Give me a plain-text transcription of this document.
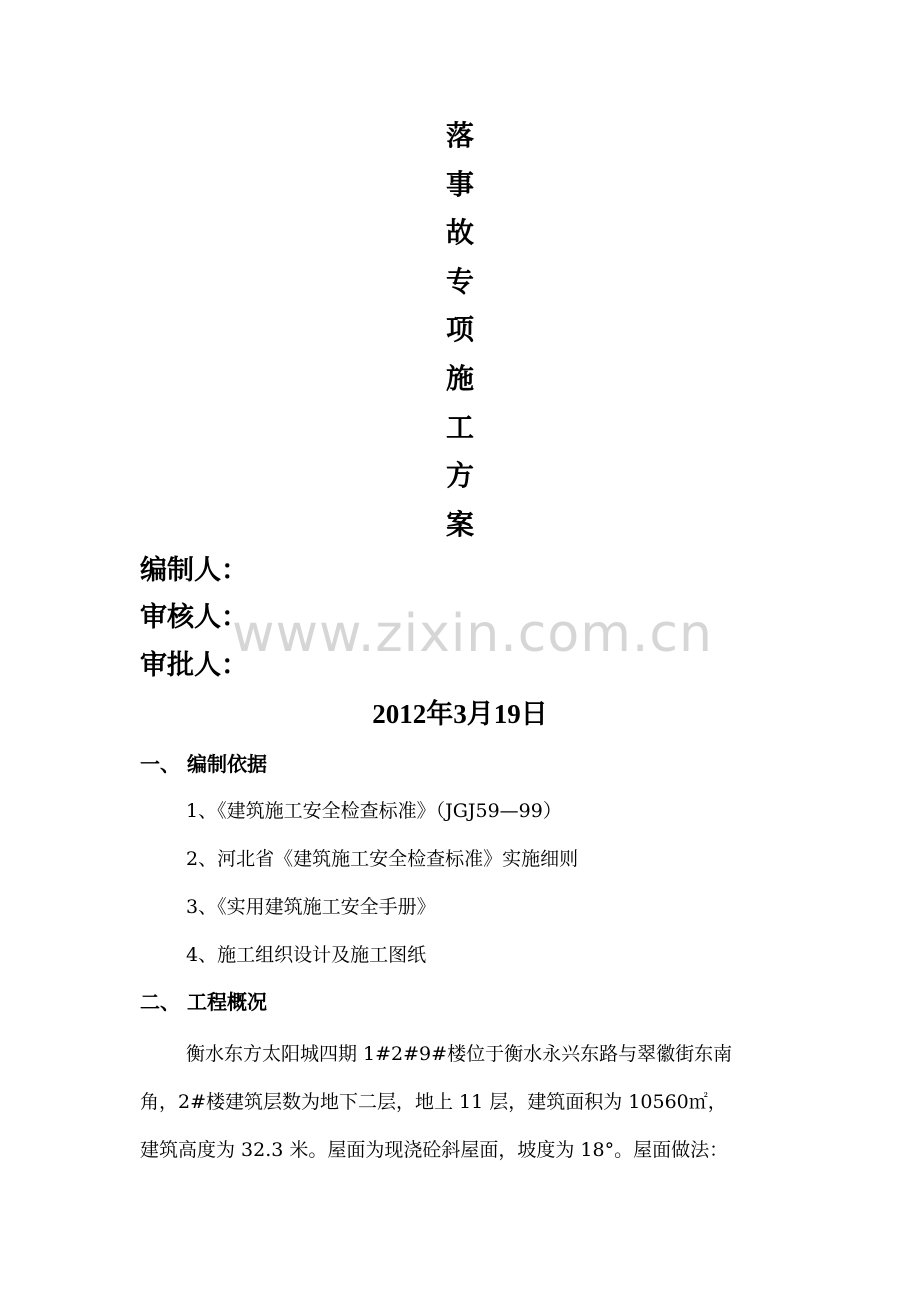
落
事
故
专
项
施
工
方
案
www.zixin.com.cn
编制人：
审核人：
审批人：
2012年3月19日
一、 编制依据
1、《建筑施工安全检查标准》（JGJ59—99）
2、河北省《建筑施工安全检查标准》实施细则
3、《实用建筑施工安全手册》
4、施工组织设计及施工图纸
二、 工程概况
衡水东方太阳城四期 1#2#9#楼位于衡水永兴东路与翠徽街东南
角，2#楼建筑层数为地下二层，地上 11 层，建筑面积为 10560㎡，
建筑高度为 32.3 米。屋面为现浇砼斜屋面，坡度为 18°。屋面做法：
